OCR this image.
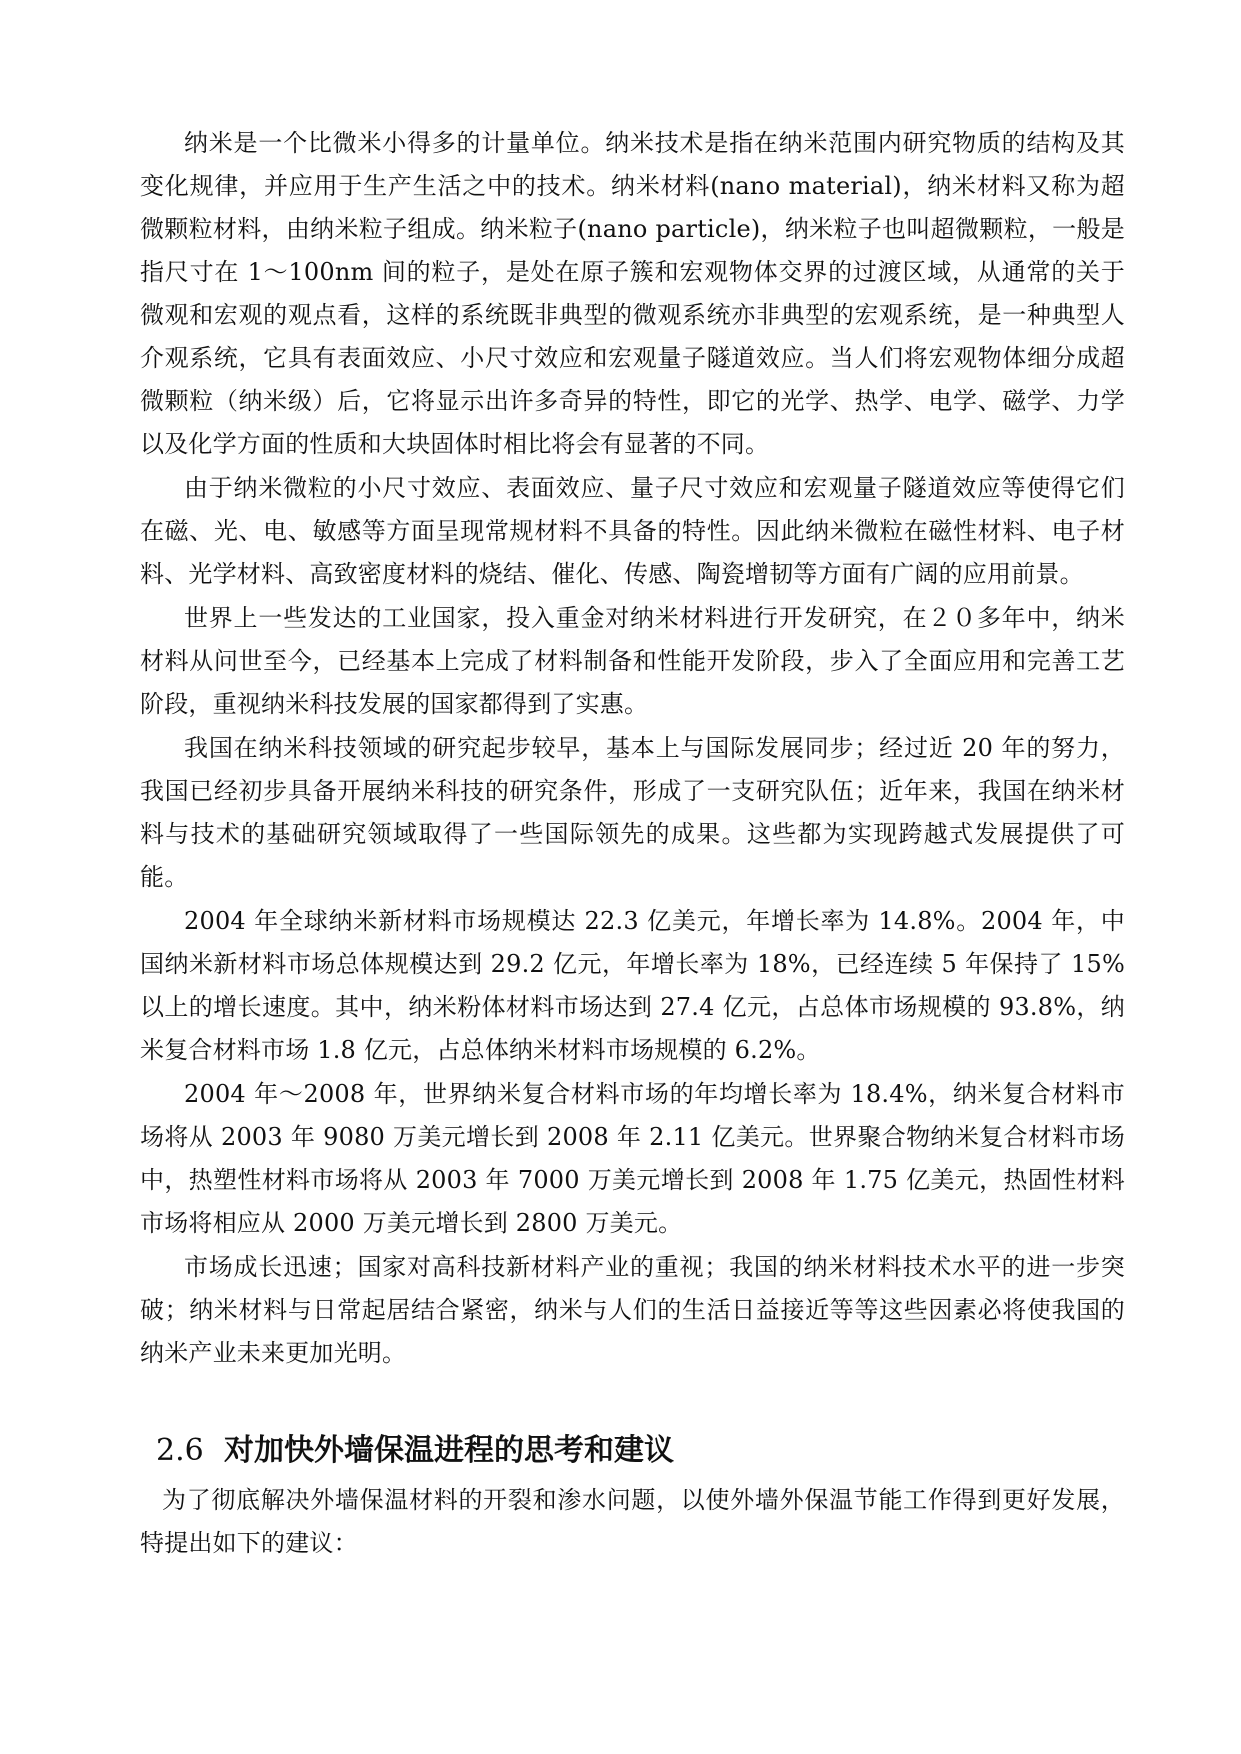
纳米是一个比微米小得多的计量单位。纳米技术是指在纳米范围内研究物质的结构及其变化规律，并应用于生产生活之中的技术。纳米材料(nano material)，纳米材料又称为超微颗粒材料，由纳米粒子组成。纳米粒子(nano particle)，纳米粒子也叫超微颗粒，一般是指尺寸在 1～100nm 间的粒子，是处在原子簇和宏观物体交界的过渡区域，从通常的关于微观和宏观的观点看，这样的系统既非典型的微观系统亦非典型的宏观系统，是一种典型人介观系统，它具有表面效应、小尺寸效应和宏观量子隧道效应。当人们将宏观物体细分成超微颗粒（纳米级）后，它将显示出许多奇异的特性，即它的光学、热学、电学、磁学、力学以及化学方面的性质和大块固体时相比将会有显著的不同。

由于纳米微粒的小尺寸效应、表面效应、量子尺寸效应和宏观量子隧道效应等使得它们在磁、光、电、敏感等方面呈现常规材料不具备的特性。因此纳米微粒在磁性材料、电子材料、光学材料、高致密度材料的烧结、催化、传感、陶瓷增韧等方面有广阔的应用前景。

世界上一些发达的工业国家，投入重金对纳米材料进行开发研究，在２０多年中，纳米材料从问世至今，已经基本上完成了材料制备和性能开发阶段，步入了全面应用和完善工艺阶段，重视纳米科技发展的国家都得到了实惠。

我国在纳米科技领域的研究起步较早，基本上与国际发展同步；经过近 20 年的努力，我国已经初步具备开展纳米科技的研究条件，形成了一支研究队伍；近年来，我国在纳米材料与技术的基础研究领域取得了一些国际领先的成果。这些都为实现跨越式发展提供了可能。

2004 年全球纳米新材料市场规模达 22.3 亿美元，年增长率为 14.8%。2004 年，中国纳米新材料市场总体规模达到 29.2 亿元，年增长率为 18%，已经连续 5 年保持了 15%以上的增长速度。其中，纳米粉体材料市场达到 27.4 亿元，占总体市场规模的 93.8%，纳米复合材料市场 1.8 亿元，占总体纳米材料市场规模的 6.2%。

2004 年～2008 年，世界纳米复合材料市场的年均增长率为 18.4%，纳米复合材料市场将从 2003 年 9080 万美元增长到 2008 年 2.11 亿美元。世界聚合物纳米复合材料市场中，热塑性材料市场将从 2003 年 7000 万美元增长到 2008 年 1.75 亿美元，热固性材料市场将相应从 2000 万美元增长到 2800 万美元。

市场成长迅速；国家对高科技新材料产业的重视；我国的纳米材料技术水平的进一步突破；纳米材料与日常起居结合紧密，纳米与人们的生活日益接近等等这些因素必将使我国的纳米产业未来更加光明。

2.6 对加快外墙保温进程的思考和建议

为了彻底解决外墙保温材料的开裂和渗水问题，以使外墙外保温节能工作得到更好发展，特提出如下的建议：
